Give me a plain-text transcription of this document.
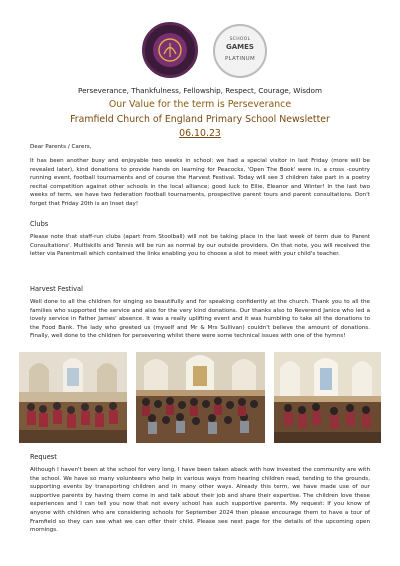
SCHOOL
GAMES
PLATINUM
Perseverance, Thankfulness, Fellowship, Respect, Courage, Wisdom
Our Value for the term is Perseverance
Framfield Church of England Primary School Newsletter
06.10.23
Dear Parents / Carers,

It has been another busy and enjoyable two weeks in school: we had a special visitor in last Friday (more will be revealed later), kind donations to provide hands on learning for Peacocks, 'Open The Book' were in, a cross -country running event, football tournaments and of course the Harvest Festival. Today will see 3 children take part in a poetry recital competition against other schools in the local alliance; good luck to Ellie, Eleanor and Winter! In the last two weeks of term, we have two federation football tournaments, prospective parent tours and parent consultations. Don't forget that Friday 20th is an Inset day!

Clubs

Please note that staff-run clubs (apart from Stoolball) will not be taking place in the last week of term due to Parent Consultations'. Multiskills and Tennis will be run as normal by our outside providers. On that note, you will received the letter via Parentmail which contained the links enabling you to choose a slot to meet with your child's teacher.

Harvest Festival

Well done to all the children for singing so beautifully and for speaking confidently at the church. Thank you to all the families who supported the service and also for the very kind donations. Our thanks also to Reverend Janice who led a lovely service in Father James' absence. It was a really uplifting event and it was humbling to take all the donations to the Food Bank. The lady who greeted us (myself and Mr & Mrs Sullivan) couldn't believe the amount of donations. Finally, well done to the children for persevering whilst there were some technical issues with one of the hymns!

Request

Although I haven't been at the school for very long, I have been taken aback with how invested the community are with the school. We have so many volunteers who help in various ways from hearing children read, tending to the grounds, supporting events by transporting children and in many other ways. Already this term, we have made use of our supportive parents by having them come in and talk about their job and share their expertise. The children love these experiences and I can tell you now that not every school has such supportive parents. My request: If you know of anyone with children who are considering schools for September 2024 then please encourage them to have a tour of Framfield so they can see what we can offer their child. Please see next page for the details of the upcoming open mornings.
